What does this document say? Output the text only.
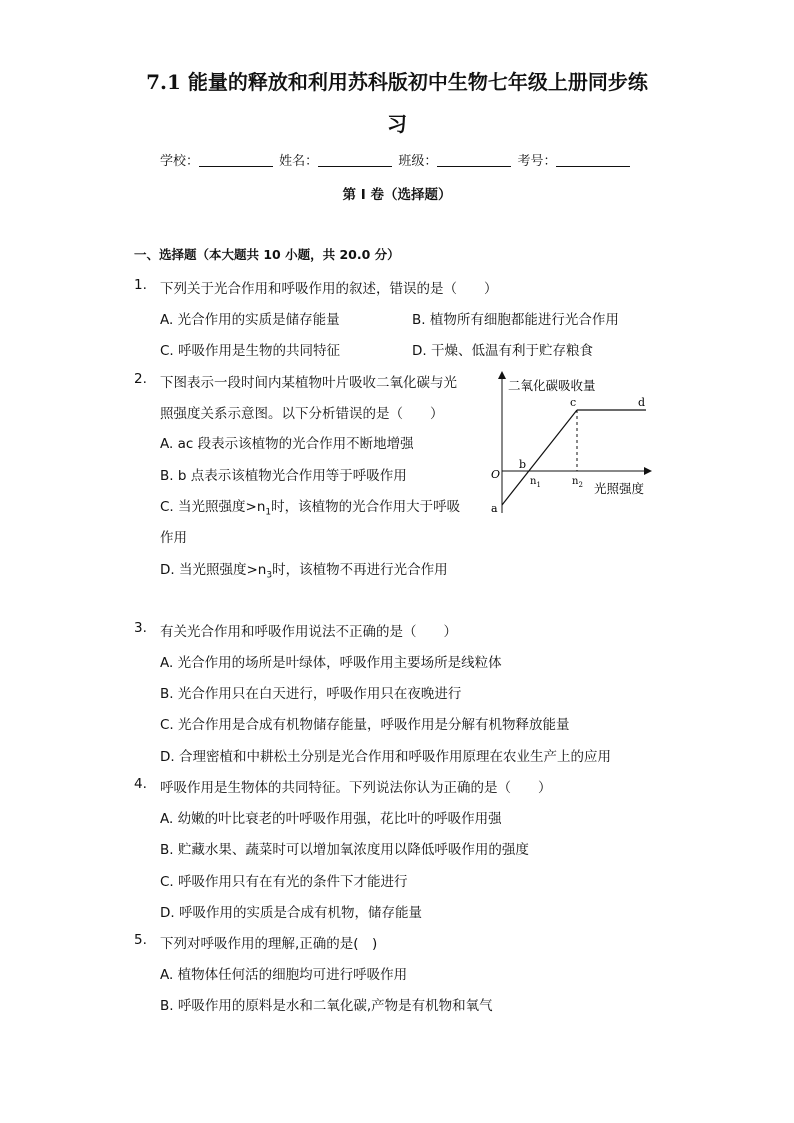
7.1 能量的释放和利用苏科版初中生物七年级上册同步练
习
学校：	姓名：	班级：	考号：
第 I 卷（选择题）
一、选择题（本大题共 10 小题，共 20.0 分）
1. 下列关于光合作用和呼吸作用的叙述，错误的是（　　）
A. 光合作用的实质是储存能量	B. 植物所有细胞都能进行光合作用
C. 呼吸作用是生物的共同特征	D. 干燥、低温有利于贮存粮食
2. 下图表示一段时间内某植物叶片吸收二氧化碳与光
照强度关系示意图。以下分析错误的是（　　）
A. ac 段表示该植物的光合作用不断地增强
B. b 点表示该植物光合作用等于呼吸作用
C. 当光照强度$>n_1$时，该植物的光合作用大于呼吸
作用
D. 当光照强度$>n_3$时，该植物不再进行光合作用
二氧化碳吸收量
O
a
b
c	d
$n_1$	$n_2$ 光照强度
3. 有关光合作用和呼吸作用说法不正确的是（　　）
A. 光合作用的场所是叶绿体，呼吸作用主要场所是线粒体
B. 光合作用只在白天进行，呼吸作用只在夜晚进行
C. 光合作用是合成有机物储存能量，呼吸作用是分解有机物释放能量
D. 合理密植和中耕松土分别是光合作用和呼吸作用原理在农业生产上的应用
4. 呼吸作用是生物体的共同特征。下列说法你认为正确的是（　　）
A. 幼嫩的叶比衰老的叶呼吸作用强，花比叶的呼吸作用强
B. 贮藏水果、蔬菜时可以增加氧浓度用以降低呼吸作用的强度
C. 呼吸作用只有在有光的条件下才能进行
D. 呼吸作用的实质是合成有机物，储存能量
5. 下列对呼吸作用的理解,正确的是(　)
A. 植物体任何活的细胞均可进行呼吸作用
B. 呼吸作用的原料是水和二氧化碳,产物是有机物和氧气
